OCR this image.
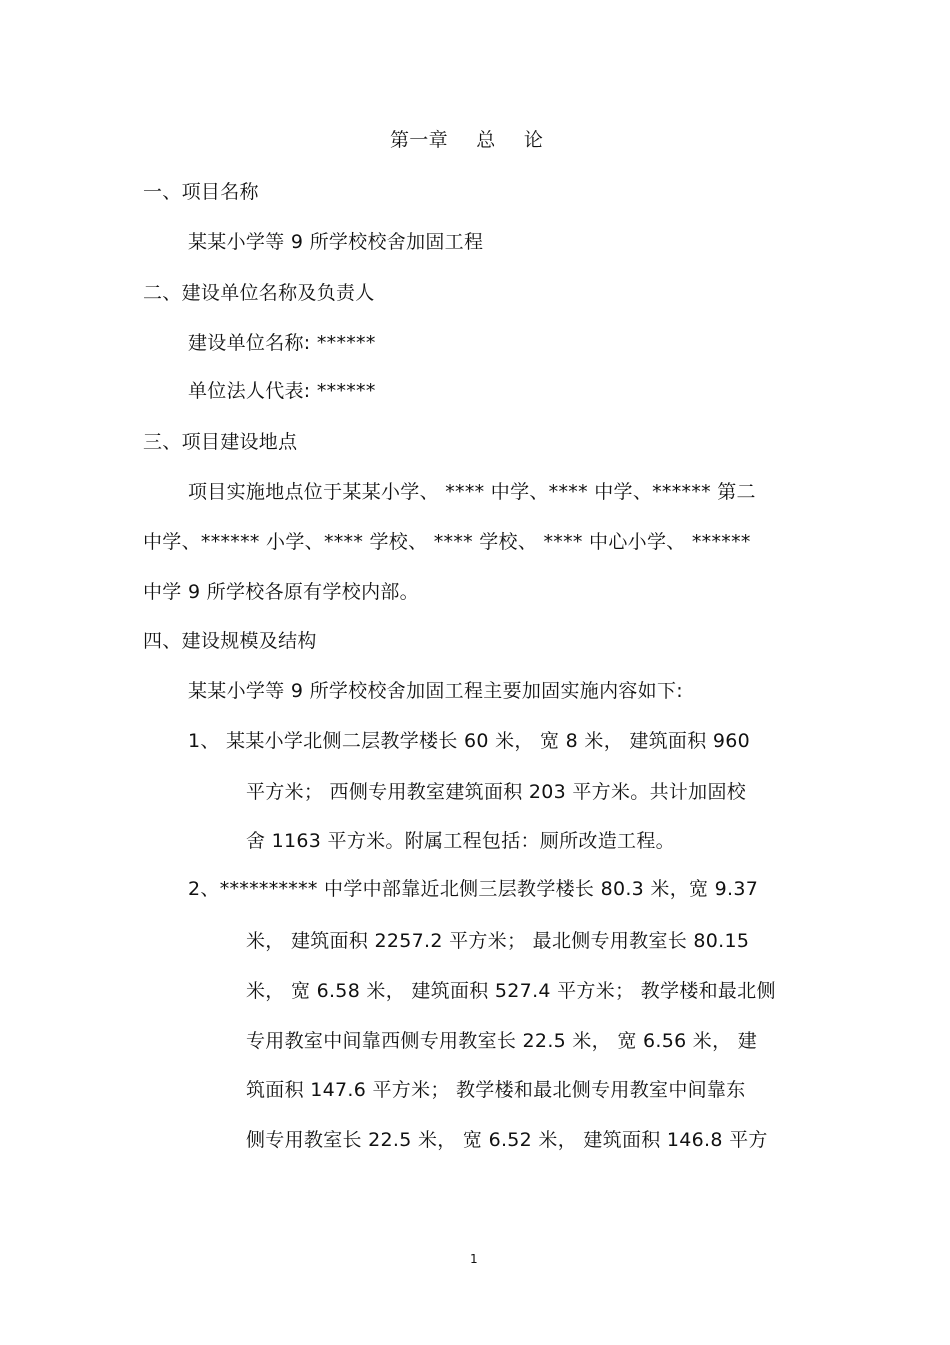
第一章 总 论
一、项目名称
某某小学等 9 所学校校舍加固工程
二、建设单位名称及负责人
建设单位名称: ******
单位法人代表: ******
三、项目建设地点
项目实施地点位于某某小学、 **** 中学、**** 中学、****** 第二
中学、****** 小学、**** 学校、 **** 学校、 **** 中心小学、 ******
中学 9 所学校各原有学校内部。
四、建设规模及结构
某某小学等 9 所学校校舍加固工程主要加固实施内容如下:
1、 某某小学北侧二层教学楼长 60 米， 宽 8 米， 建筑面积 960
平方米； 西侧专用教室建筑面积 203 平方米。共计加固校
舍 1163 平方米。附属工程包括：厕所改造工程。
2、********** 中学中部靠近北侧三层教学楼长 80.3 米，宽 9.37
米， 建筑面积 2257.2 平方米； 最北侧专用教室长 80.15
米， 宽 6.58 米， 建筑面积 527.4 平方米； 教学楼和最北侧
专用教室中间靠西侧专用教室长 22.5 米， 宽 6.56 米， 建
筑面积 147.6 平方米； 教学楼和最北侧专用教室中间靠东
侧专用教室长 22.5 米， 宽 6.52 米， 建筑面积 146.8 平方
1
